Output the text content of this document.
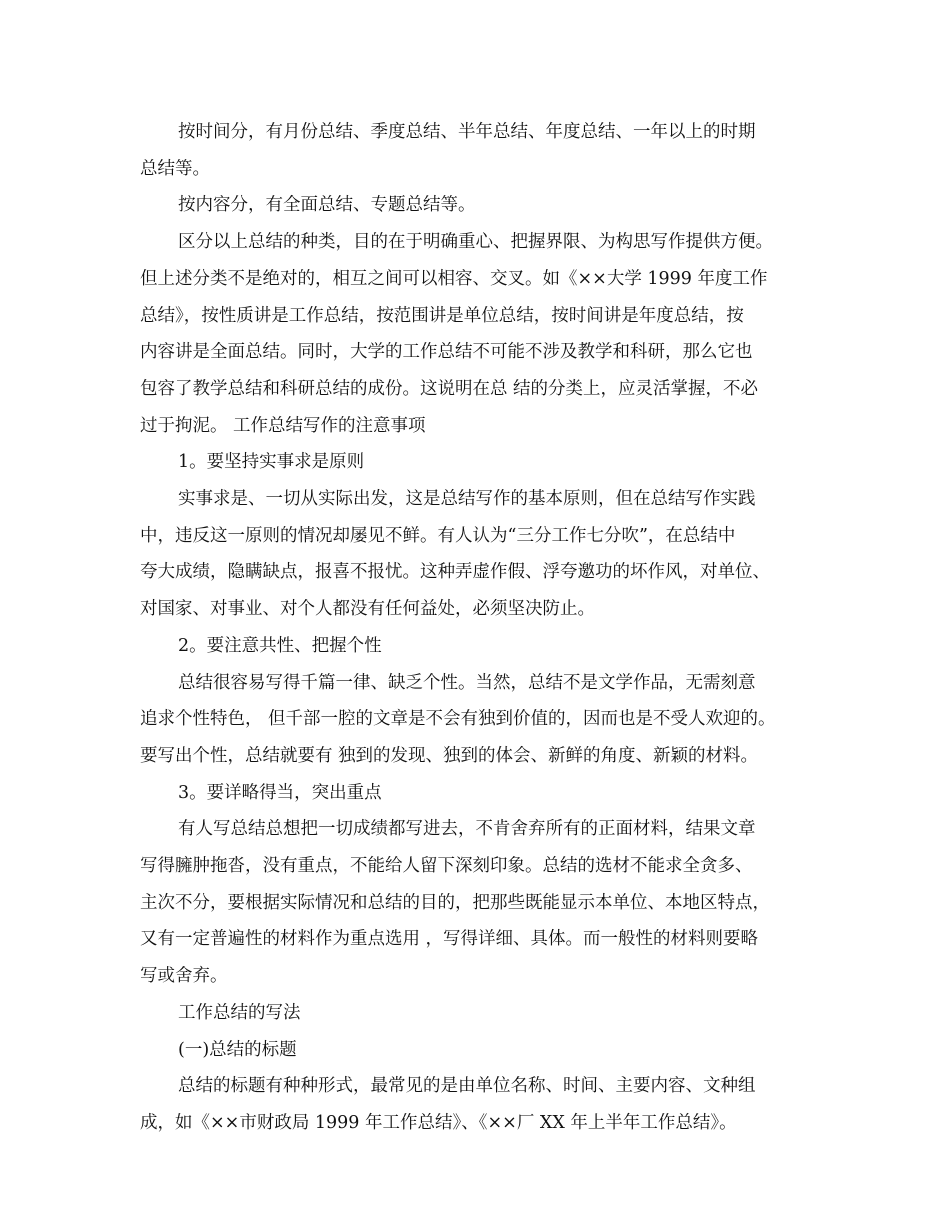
按时间分，有月份总结、季度总结、半年总结、年度总结、一年以上的时期
总结等。
按内容分，有全面总结、专题总结等。
区分以上总结的种类，目的在于明确重心、把握界限、为构思写作提供方便。
但上述分类不是绝对的，相互之间可以相容、交叉。如《××大学 1999 年度工作
总结》，按性质讲是工作总结，按范围讲是单位总结，按时间讲是年度总结，按
内容讲是全面总结。同时，大学的工作总结不可能不涉及教学和科研，那么它也
包容了教学总结和科研总结的成份。这说明在总 结的分类上，应灵活掌握，不必
过于拘泥。 工作总结写作的注意事项
1。要坚持实事求是原则
实事求是、一切从实际出发，这是总结写作的基本原则，但在总结写作实践
中，违反这一原则的情况却屡见不鲜。有人认为“三分工作七分吹”，在总结中
夸大成绩，隐瞒缺点，报喜不报忧。这种弄虚作假、浮夸邀功的坏作风，对单位、
对国家、对事业、对个人都没有任何益处，必须坚决防止。
2。要注意共性、把握个性
总结很容易写得千篇一律、缺乏个性。当然，总结不是文学作品，无需刻意
追求个性特色， 但千部一腔的文章是不会有独到价值的，因而也是不受人欢迎的。
要写出个性，总结就要有 独到的发现、独到的体会、新鲜的角度、新颖的材料。
3。要详略得当，突出重点
有人写总结总想把一切成绩都写进去，不肯舍弃所有的正面材料，结果文章
写得臃肿拖沓，没有重点，不能给人留下深刻印象。总结的选材不能求全贪多、
主次不分，要根据实际情况和总结的目的，把那些既能显示本单位、本地区特点，
又有一定普遍性的材料作为重点选用 ，写得详细、具体。而一般性的材料则要略
写或舍弃。
工作总结的写法
(一)总结的标题
总结的标题有种种形式，最常见的是由单位名称、时间、主要内容、文种组
成，如《××市财政局 1999 年工作总结》、《××厂 XX 年上半年工作总结》。
